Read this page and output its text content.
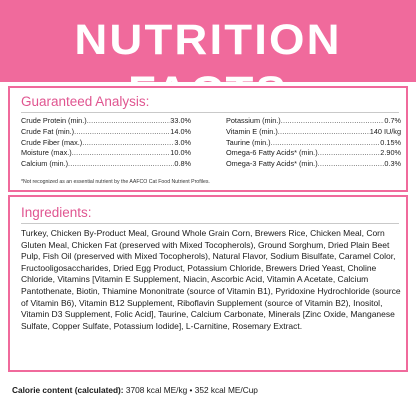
NUTRITION
Guaranteed Analysis:
Crude Protein (min.) .....	33.0%
Crude Fat (min.) .....	14.0%
Crude Fiber (max.) .....	3.0%
Moisture (max.) .....	10.0%
Calcium (min.) .....	0.8%
Potassium (min.) .....	0.7%
Vitamin E (min.) .....	140 IU/kg
Taurine (min.) .....	0.15%
Omega-6 Fatty Acids* (min.) .....	2.90%
Omega-3 Fatty Acids* (min.) .....	0.3%
*Not recognized as an essential nutrient by the AAFCO Cat Food Nutrient Profiles.
Ingredients:
Turkey, Chicken By-Product Meal, Ground Whole Grain Corn, Brewers Rice, Chicken Meal, Corn Gluten Meal, Chicken Fat (preserved with Mixed Tocopherols), Ground Sorghum, Dried Plain Beet Pulp, Fish Oil (preserved with Mixed Tocopherols), Natural Flavor, Sodium Bisulfate, Caramel Color, Fructooligosaccharides, Dried Egg Product, Potassium Chloride, Brewers Dried Yeast, Choline Chloride, Vitamins [Vitamin E Supplement, Niacin, Ascorbic Acid, Vitamin A Acetate, Calcium Pantothenate, Biotin, Thiamine Mononitrate (source of Vitamin B1), Pyridoxine Hydrochloride (source of Vitamin B6), Vitamin B12 Supplement, Riboflavin Supplement (source of Vitamin B2), Inositol, Vitamin D3 Supplement, Folic Acid], Taurine, Calcium Carbonate, Minerals [Zinc Oxide, Manganese Sulfate, Copper Sulfate, Potassium Iodide], L-Carnitine, Rosemary Extract.
Calorie content (calculated): 3708 kcal ME/kg • 352 kcal ME/Cup
